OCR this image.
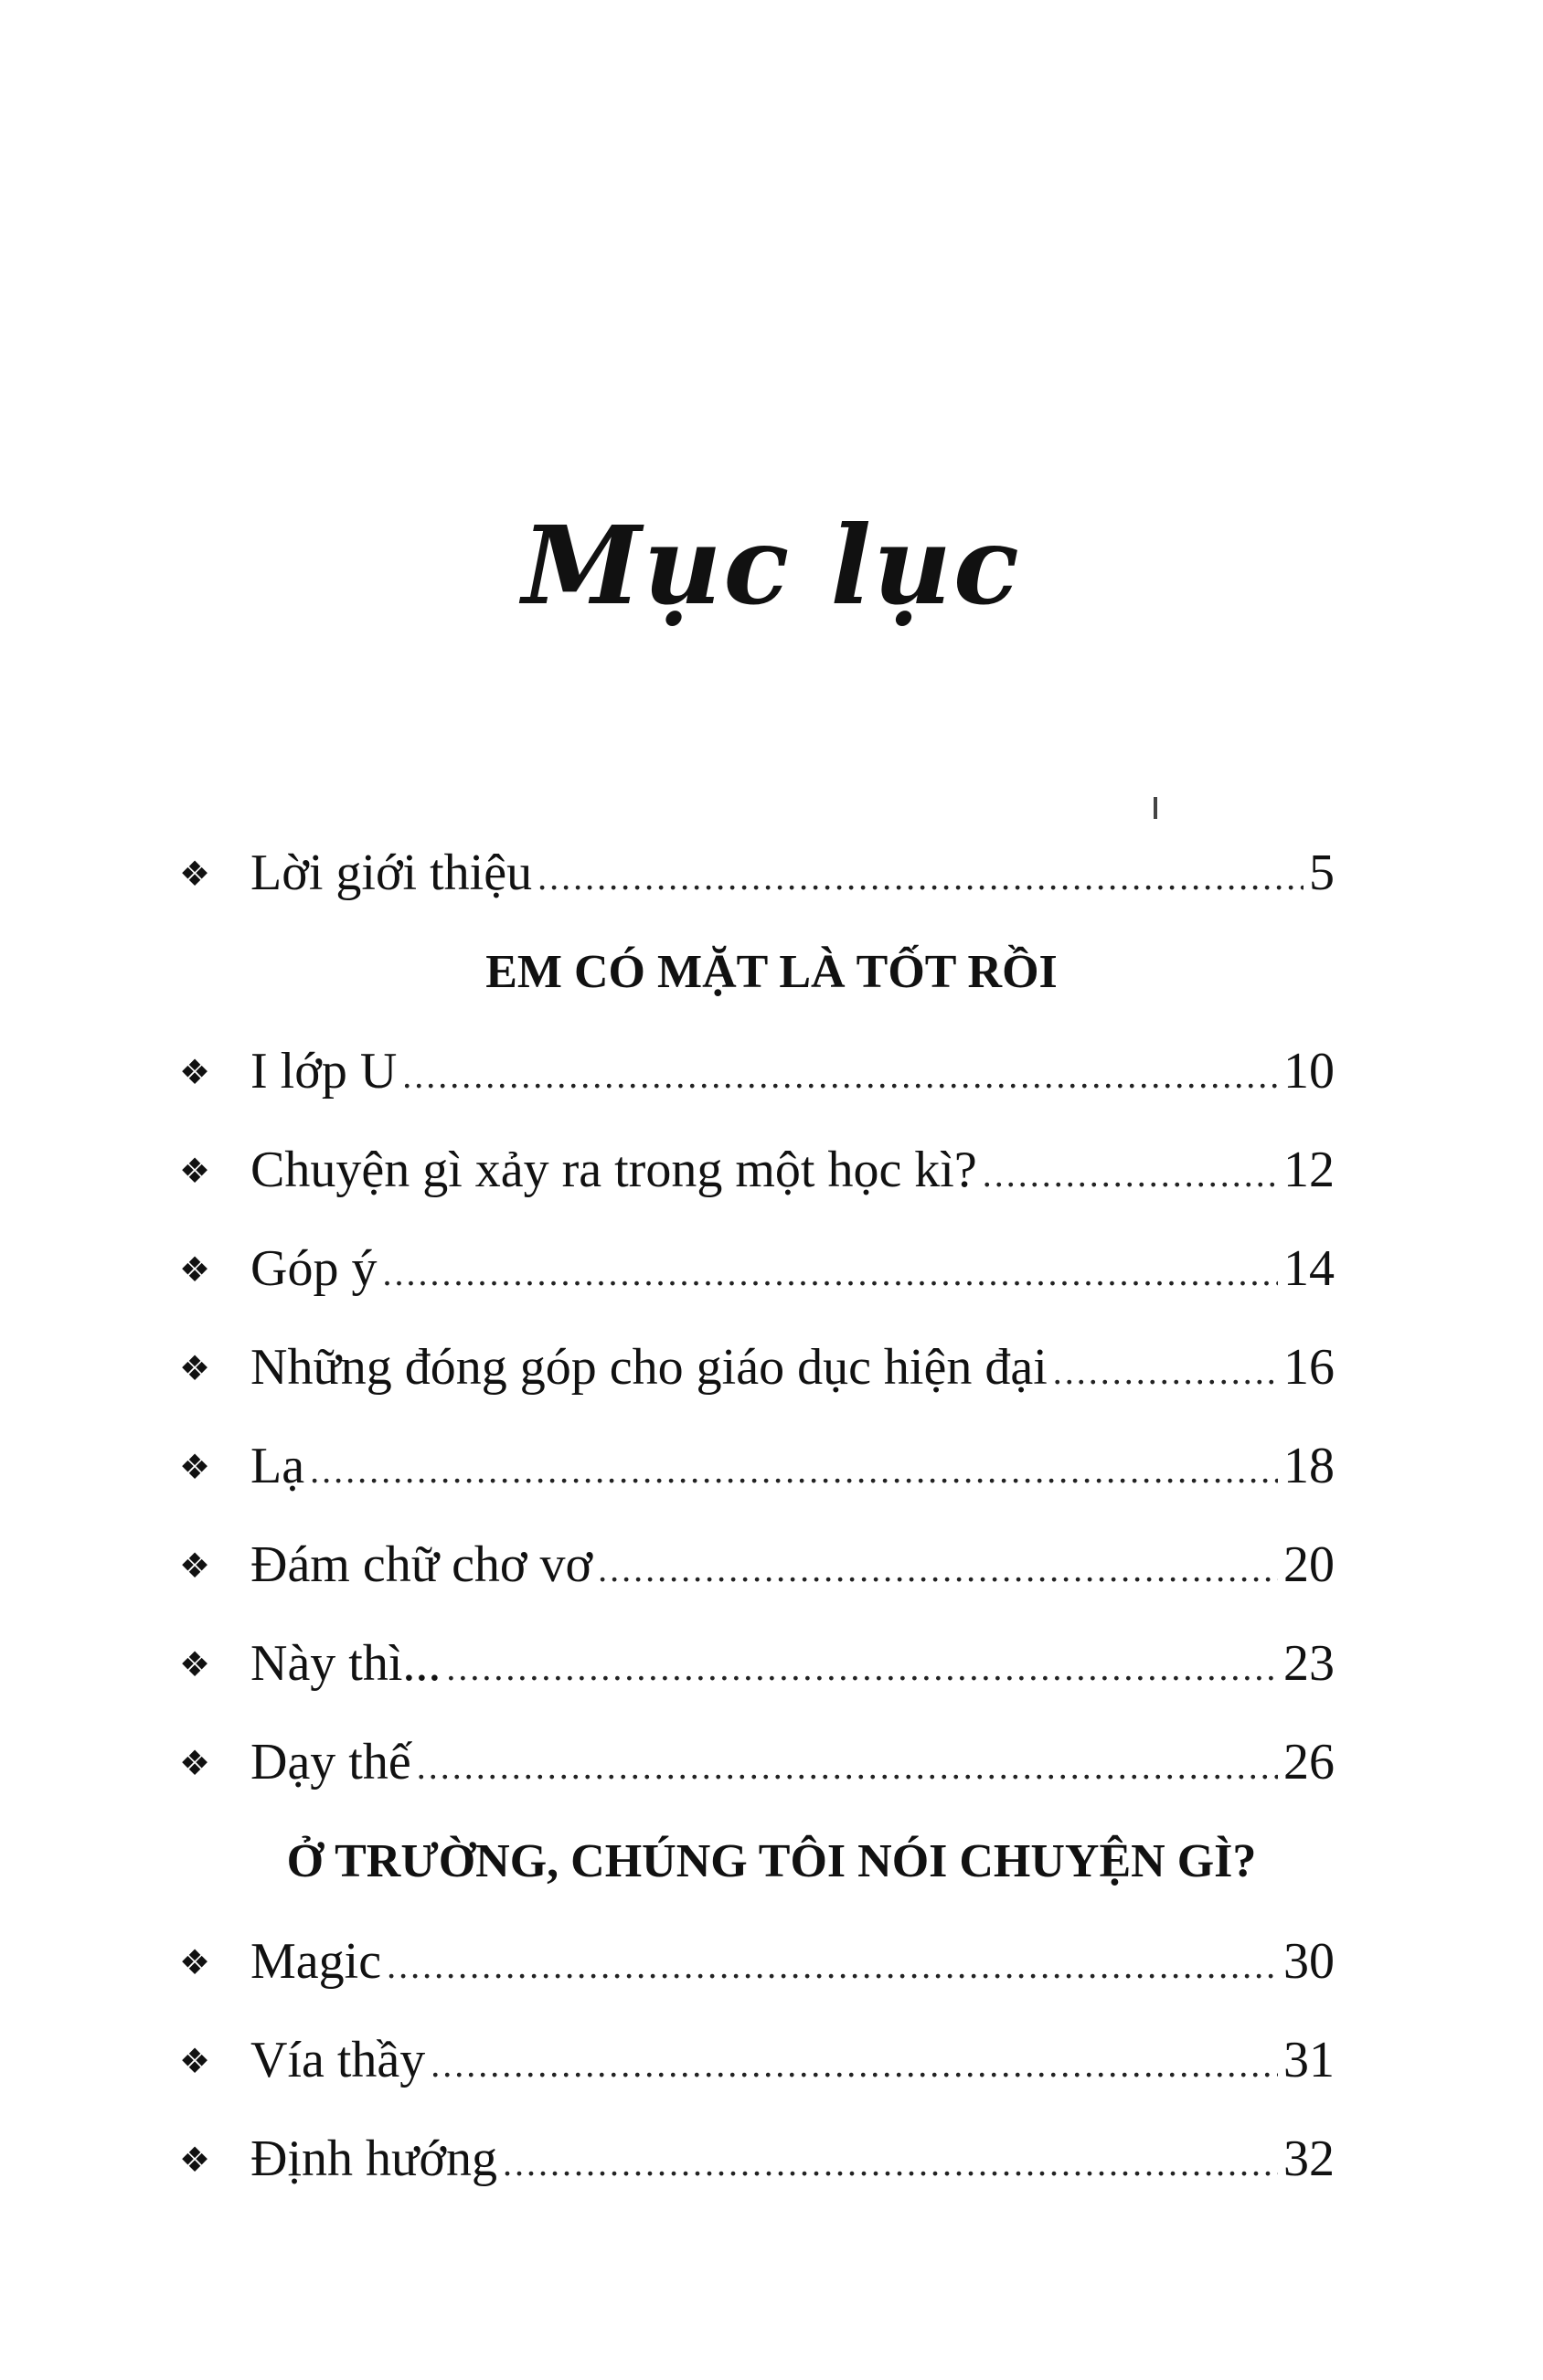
Mục lục
❖ Lời giới thiệu .....	5
EM CÓ MẶT LÀ TỐT RỒI
❖ I lớp U .....	10
❖ Chuyện gì xảy ra trong một học kì? .....	12
❖ Góp ý .....	14
❖ Những đóng góp cho giáo dục hiện đại .....	16
❖ Lạ .....	18
❖ Đám chữ chơ vơ .....	20
❖ Này thì... .....	23
❖ Dạy thế .....	26
Ở TRƯỜNG, CHÚNG TÔI NÓI CHUYỆN GÌ?
❖ Magic .....	30
❖ Vía thầy .....	31
❖ Định hướng .....	32
